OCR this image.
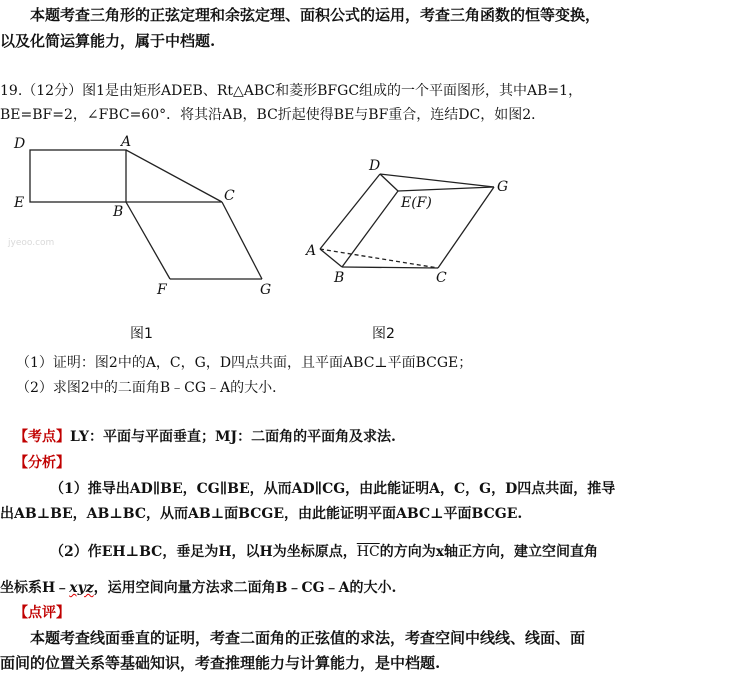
　　本题考查三角形的正弦定理和余弦定理、面积公式的运用，考查三角函数的恒等变换，
以及化简运算能力，属于中档题.
19.（12分）图1是由矩形ADEB、Rt△ABC和菱形BFGC组成的一个平面图形，其中AB=1，
BE=BF=2，∠FBC=60°．将其沿AB，BC折起使得BE与BF重合，连结DC，如图2．
jyeoo.com
D	A
E
B
C
F	G
图1
D
E(F)
G
A
B	C
图2
（1）证明：图2中的A，C，G，D四点共面，且平面ABC⊥平面BCGE；
（2）求图2中的二面角B﹣CG﹣A的大小．
【考点】LY：平面与平面垂直；MJ：二面角的平面角及求法.
【分析】
（1）推导出AD∥BE，CG∥BE，从而AD∥CG，由此能证明A，C，G，D四点共面，推导
出AB⊥BE，AB⊥BC，从而AB⊥面BCGE，由此能证明平面ABC⊥平面BCGE.
（2）作EH⊥BC，垂足为H，以H为坐标原点，$\overline{HC}$的方向为x轴正方向，建立空间直角
坐标系H﹣xyz，运用空间向量方法求二面角B﹣CG﹣A的大小.
【点评】
　　本题考查线面垂直的证明，考查二面角的正弦值的求法，考查空间中线线、线面、面
面间的位置关系等基础知识，考查推理能力与计算能力，是中档题.
